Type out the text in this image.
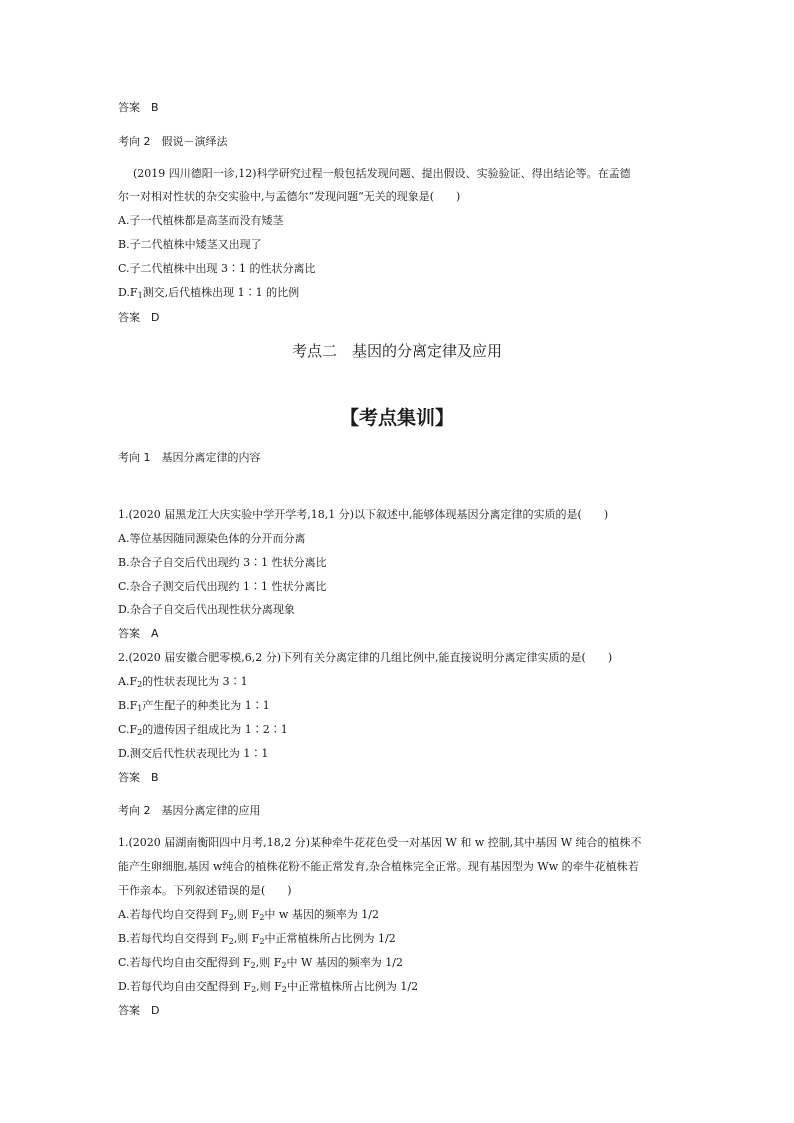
答案　B
考向 2　假说－演绎法
(2019 四川德阳一诊,12)科学研究过程一般包括发现问题、提出假设、实验验证、得出结论等。在孟德
尔一对相对性状的杂交实验中,与孟德尔“发现问题”无关的现象是(　　)
A.子一代植株都是高茎而没有矮茎
B.子二代植株中矮茎又出现了
C.子二代植株中出现 3∶1 的性状分离比
$D.F_1$测交,后代植株出现 1∶1 的比例
答案　D
考点二　基因的分离定律及应用
【考点集训】
考向 1　基因分离定律的内容
1.(2020 届黑龙江大庆实验中学开学考,18,1 分)以下叙述中,能够体现基因分离定律的实质的是(　　)
A.等位基因随同源染色体的分开而分离
B.杂合子自交后代出现约 3∶1 性状分离比
C.杂合子测交后代出现约 1∶1 性状分离比
D.杂合子自交后代出现性状分离现象
答案　A
2.(2020 届安徽合肥零模,6,2 分)下列有关分离定律的几组比例中,能直接说明分离定律实质的是(　　)
$A.F_2$的性状表现比为 3∶1
$B.F_1$产生配子的种类比为 1∶1
$C.F_2$的遗传因子组成比为 1∶2∶1
D.测交后代性状表现比为 1∶1
答案　B
考向 2　基因分离定律的应用
1.(2020 届湖南衡阳四中月考,18,2 分)某种牵牛花花色受一对基因 W 和 w 控制,其中基因 W 纯合的植株不
能产生卵细胞,基因 w纯合的植株花粉不能正常发育,杂合植株完全正常。现有基因型为 Ww 的牵牛花植株若
干作亲本。下列叙述错误的是(　　)
A.若每代均自交得到 $F_2$,则 $F_2$中 w 基因的频率为 1/2
B.若每代均自交得到 $F_2$,则 $F_2$中正常植株所占比例为 1/2
C.若每代均自由交配得到 $F_2$,则 $F_2$中 W 基因的频率为 1/2
D.若每代均自由交配得到 $F_2$,则 $F_2$中正常植株所占比例为 1/2
答案　D
